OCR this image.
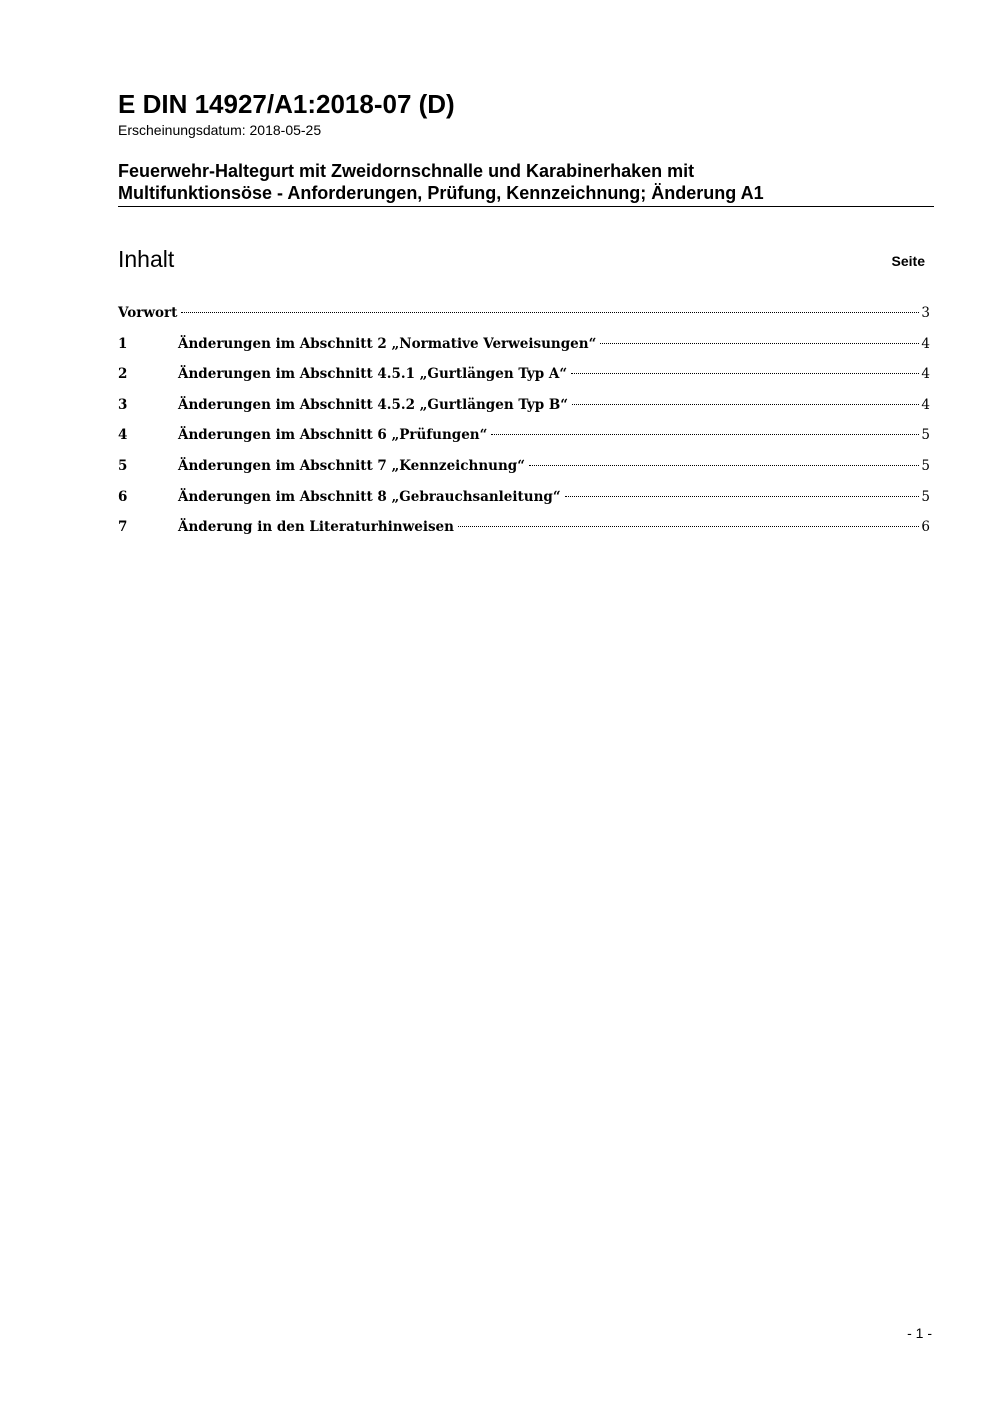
E DIN 14927/A1:2018-07 (D)
Erscheinungsdatum: 2018-05-25
Feuerwehr-Haltegurt mit Zweidornschnalle und Karabinerhaken mit
Multifunktionsöse - Anforderungen, Prüfung, Kennzeichnung; Änderung A1
Inhalt	Seite
Vorwort	3
1	Änderungen im Abschnitt 2 „Normative Verweisungen“	4
2	Änderungen im Abschnitt 4.5.1 „Gurtlängen Typ A“	4
3	Änderungen im Abschnitt 4.5.2 „Gurtlängen Typ B“	4
4	Änderungen im Abschnitt 6 „Prüfungen“	5
5	Änderungen im Abschnitt 7 „Kennzeichnung“	5
6	Änderungen im Abschnitt 8 „Gebrauchsanleitung“	5
7	Änderung in den Literaturhinweisen	6
- 1 -
